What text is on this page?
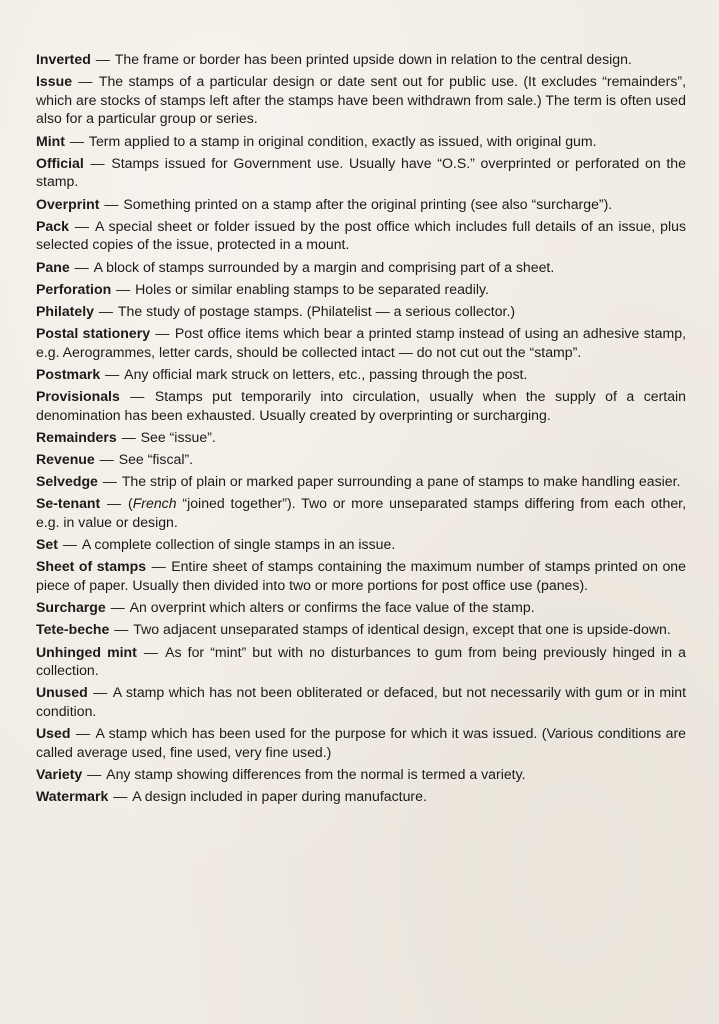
Inverted — The frame or border has been printed upside down in relation to the central design.

Issue — The stamps of a particular design or date sent out for public use. (It excludes “remainders”, which are stocks of stamps left after the stamps have been withdrawn from sale.) The term is often used also for a particular group or series.

Mint — Term applied to a stamp in original condition, exactly as issued, with original gum.

Official — Stamps issued for Government use. Usually have “O.S.” overprinted or perforated on the stamp.

Overprint — Something printed on a stamp after the original printing (see also “surcharge”).

Pack — A special sheet or folder issued by the post office which includes full details of an issue, plus selected copies of the issue, protected in a mount.

Pane — A block of stamps surrounded by a margin and comprising part of a sheet.

Perforation — Holes or similar enabling stamps to be separated readily.

Philately — The study of postage stamps. (Philatelist — a serious collector.)

Postal stationery — Post office items which bear a printed stamp instead of using an adhesive stamp, e.g. Aerogrammes, letter cards, should be collected intact — do not cut out the “stamp”.

Postmark — Any official mark struck on letters, etc., passing through the post.

Provisionals — Stamps put temporarily into circulation, usually when the supply of a certain denomination has been exhausted. Usually created by overprinting or surcharging.

Remainders — See “issue”.

Revenue — See “fiscal”.

Selvedge — The strip of plain or marked paper surrounding a pane of stamps to make handling easier.

Se-tenant — (French “joined together”). Two or more unseparated stamps differing from each other, e.g. in value or design.

Set — A complete collection of single stamps in an issue.

Sheet of stamps — Entire sheet of stamps containing the maximum number of stamps printed on one piece of paper. Usually then divided into two or more portions for post office use (panes).

Surcharge — An overprint which alters or confirms the face value of the stamp.

Tete-beche — Two adjacent unseparated stamps of identical design, except that one is upside-down.

Unhinged mint — As for “mint” but with no disturbances to gum from being previously hinged in a collection.

Unused — A stamp which has not been obliterated or defaced, but not necessarily with gum or in mint condition.

Used — A stamp which has been used for the purpose for which it was issued. (Various conditions are called average used, fine used, very fine used.)

Variety — Any stamp showing differences from the normal is termed a variety.

Watermark — A design included in paper during manufacture.
